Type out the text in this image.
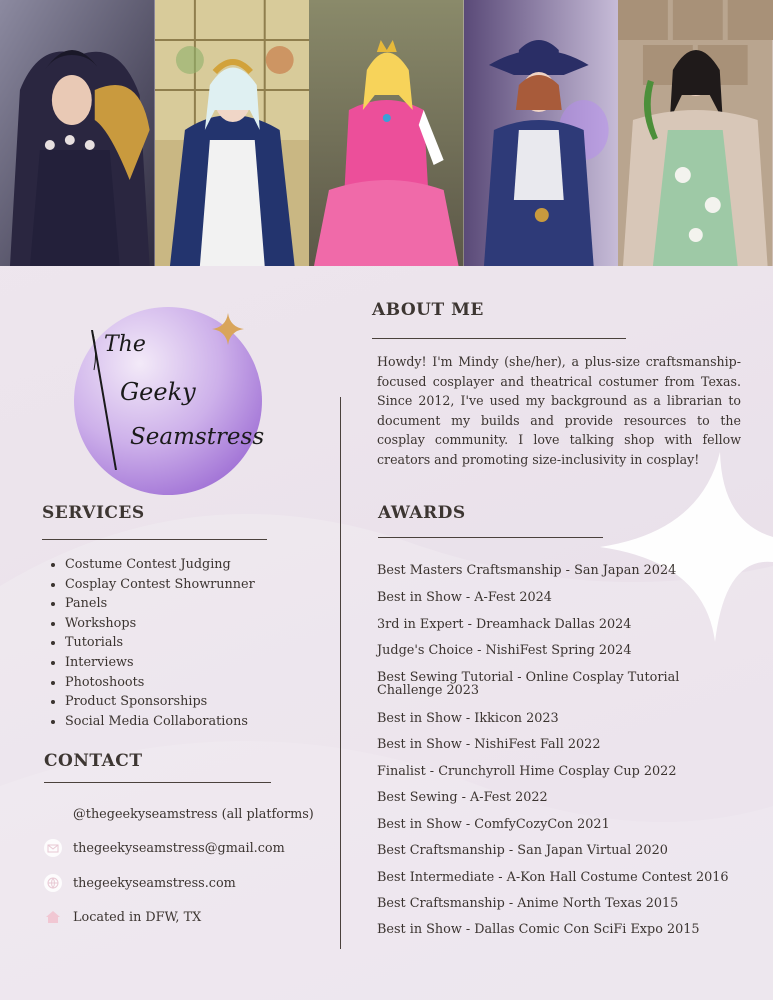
The
Geeky
Seamstress
ABOUT ME
Howdy! I'm Mindy (she/her), a plus-size craftsmanship-focused cosplayer and theatrical costumer from Texas. Since 2012, I've used my background as a librarian to document my builds and provide resources to the cosplay community. I love talking shop with fellow creators and promoting size-inclusivity in cosplay!
SERVICES
• Costume Contest Judging
• Cosplay Contest Showrunner
• Panels
• Workshops
• Tutorials
• Interviews
• Photoshoots
• Product Sponsorships
• Social Media Collaborations
CONTACT
@thegeekyseamstress (all platforms)
thegeekyseamstress@gmail.com
thegeekyseamstress.com
Located in DFW, TX
AWARDS
Best Masters Craftsmanship - San Japan 2024
Best in Show - A-Fest 2024
3rd in Expert - Dreamhack Dallas 2024
Judge's Choice - NishiFest Spring 2024
Best Sewing Tutorial - Online Cosplay Tutorial Challenge 2023
Best in Show - Ikkicon 2023
Best in Show - NishiFest Fall 2022
Finalist - Crunchyroll Hime Cosplay Cup 2022
Best Sewing - A-Fest 2022
Best in Show - ComfyCozyCon 2021
Best Craftsmanship - San Japan Virtual 2020
Best Intermediate - A-Kon Hall Costume Contest 2016
Best Craftsmanship - Anime North Texas 2015
Best in Show - Dallas Comic Con SciFi Expo 2015
